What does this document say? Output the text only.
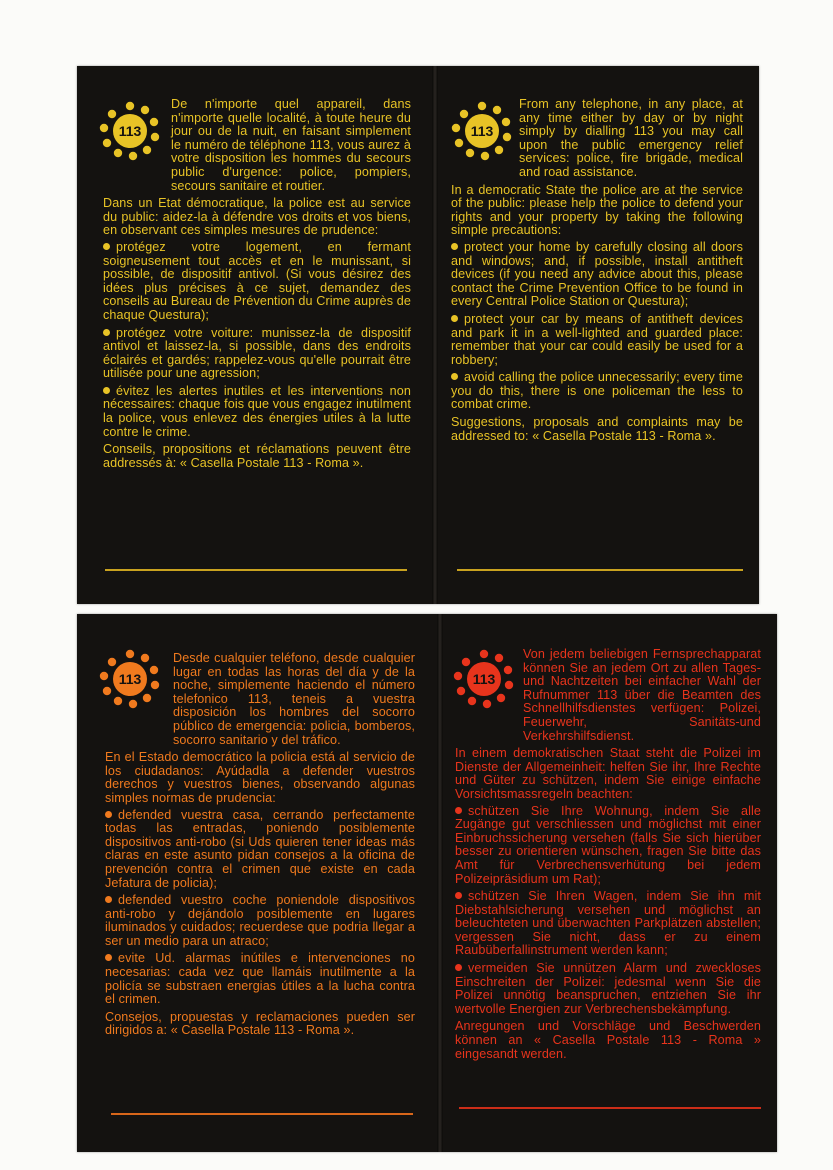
113

De n'importe quel appareil, dans n'importe quelle localité, à toute heure du jour ou de la nuit, en faisant simplement le numéro de téléphone 113, vous aurez à votre disposition les hommes du secours public d'urgence: police, pompiers, secours sanitaire et routier.

Dans un Etat démocratique, la police est au service du public: aidez-la à défendre vos droits et vos biens, en observant ces simples mesures de prudence:

protégez votre logement, en fermant soigneusement tout accès et en le munissant, si possible, de dispositif antivol. (Si vous désirez des idées plus précises à ce sujet, demandez des conseils au Bureau de Prévention du Crime auprès de chaque Questura);

protégez votre voiture: munissez-la de dispositif antivol et laissez-la, si possible, dans des endroits éclairés et gardés; rappelez-vous qu'elle pourrait être utilisée pour une agression;

évitez les alertes inutiles et les interventions non nécessaires: chaque fois que vous engagez inutilment la police, vous enlevez des énergies utiles à la lutte contre le crime.

Conseils, propositions et réclamations peuvent être addressés à: « Casella Postale 113 - Roma ».

113

From any telephone, in any place, at any time either by day or by night simply by dialling 113 you may call upon the public emergency relief services: police, fire brigade, medical and road assistance.

In a democratic State the police are at the service of the public: please help the police to defend your rights and your property by taking the following simple precautions:

protect your home by carefully closing all doors and windows; and, if possible, install antitheft devices (if you need any advice about this, please contact the Crime Prevention Office to be found in every Central Police Station or Questura);

protect your car by means of antitheft devices and park it in a well-lighted and guarded place: remember that your car could easily be used for a robbery;

avoid calling the police unnecessarily; every time you do this, there is one policeman the less to combat crime.

Suggestions, proposals and complaints may be addressed to: « Casella Postale 113 - Roma ».

113

Desde cualquier teléfono, desde cualquier lugar en todas las horas del día y de la noche, simplemente haciendo el número telefonico 113, teneis a vuestra disposición los hombres del socorro público de emergencia: policia, bomberos, socorro sanitario y del tráfico.

En el Estado democrático la policia está al servicio de los ciudadanos: Ayúdadla a defender vuestros derechos y vuestros bienes, observando algunas simples normas de prudencia:

defended vuestra casa, cerrando perfectamente todas las entradas, poniendo posiblemente dispositivos anti-robo (si Uds quieren tener ideas más claras en este asunto pidan consejos a la oficina de prevención contra el crimen que existe en cada Jefatura de policia);

defended vuestro coche poniendole dispositivos anti-robo y dejándolo posiblemente en lugares iluminados y cuidados; recuerdese que podria llegar a ser un medio para un atraco;

evite Ud. alarmas inútiles e intervenciones no necesarias: cada vez que llamáis inutilmente a la policía se substraen energias útiles a la lucha contra el crimen.

Consejos, propuestas y reclamaciones pueden ser dirigidos a: « Casella Postale 113 - Roma ».

113

Von jedem beliebigen Fernsprechapparat können Sie an jedem Ort zu allen Tages-und Nachtzeiten bei einfacher Wahl der Rufnummer 113 über die Beamten des Schnellhilfsdienstes verfügen: Polizei, Feuerwehr, Sanitäts-und Verkehrshilfsdienst.

In einem demokratischen Staat steht die Polizei im Dienste der Allgemeinheit: helfen Sie ihr, Ihre Rechte und Güter zu schützen, indem Sie einige einfache Vorsichtsmassregeln beachten:

schützen Sie Ihre Wohnung, indem Sie alle Zugänge gut verschliessen und möglichst mit einer Einbruchssicherung versehen (falls Sie sich hierüber besser zu orientieren wünschen, fragen Sie bitte das Amt für Verbrechensverhütung bei jedem Polizeipräsidium um Rat);

schützen Sie Ihren Wagen, indem Sie ihn mit Diebstahlsicherung versehen und möglichst an beleuchteten und überwachten Parkplätzen abstellen; vergessen Sie nicht, dass er zu einem Raubüberfallinstrument werden kann;

vermeiden Sie unnützen Alarm und zweckloses Einschreiten der Polizei: jedesmal wenn Sie die Polizei unnötig beanspruchen, entziehen Sie ihr wertvolle Energien zur Verbrechensbekämpfung.

Anregungen und Vorschläge und Beschwerden können an « Casella Postale 113 - Roma » eingesandt werden.
